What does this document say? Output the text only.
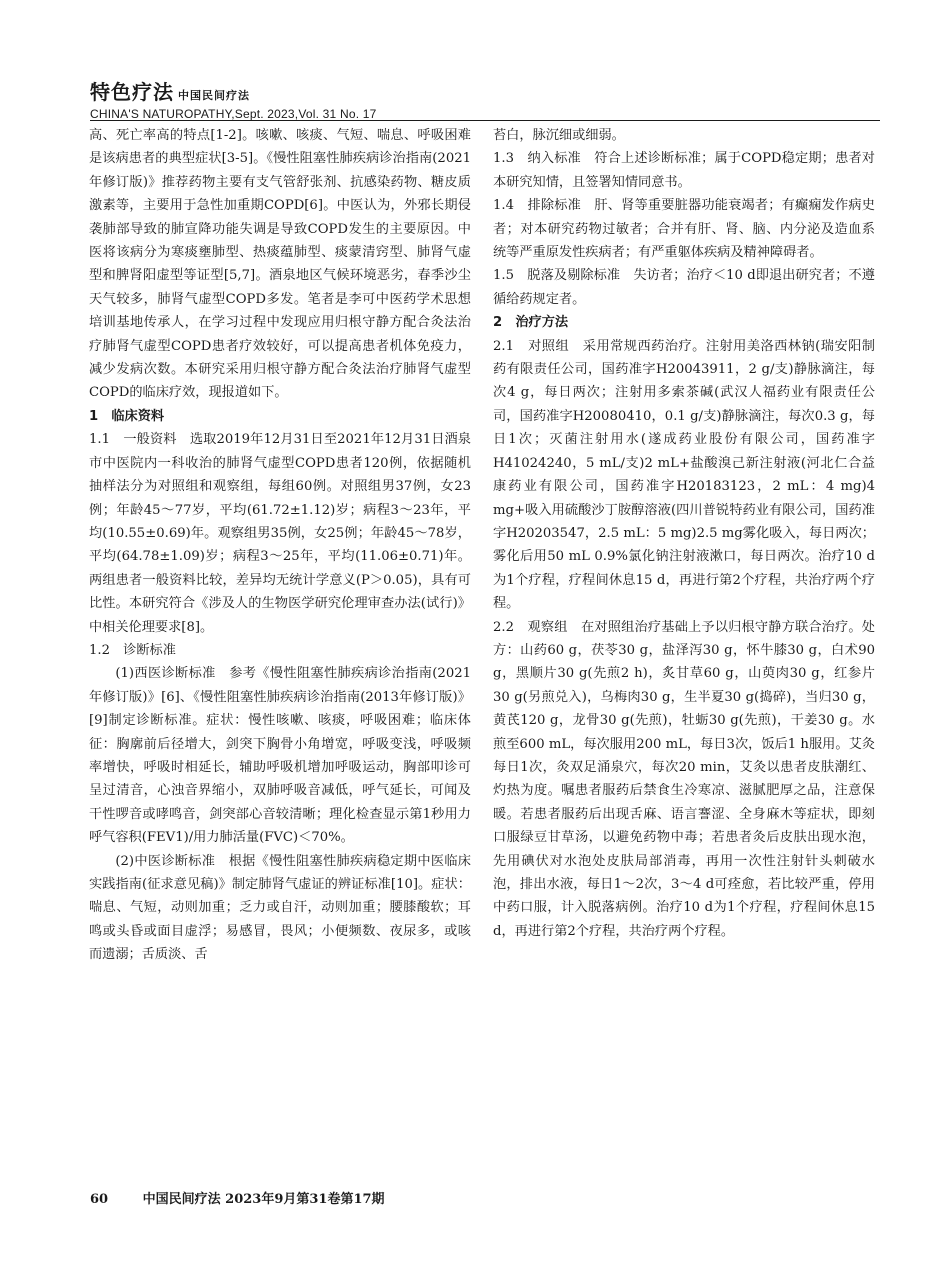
特色疗法 中国民间疗法
CHINA'S NATUROPATHY,Sept. 2023,Vol. 31 No. 17

高、死亡率高的特点[1-2]。咳嗽、咳痰、气短、喘息、呼吸困难是该病患者的典型症状[3-5]。《慢性阻塞性肺疾病诊治指南(2021年修订版)》推荐药物主要有支气管舒张剂、抗感染药物、糖皮质激素等，主要用于急性加重期COPD[6]。中医认为，外邪长期侵袭肺部导致的肺宣降功能失调是导致COPD发生的主要原因。中医将该病分为寒痰壅肺型、热痰蕴肺型、痰蒙清窍型、肺肾气虚型和脾肾阳虚型等证型[5,7]。酒泉地区气候环境恶劣，春季沙尘天气较多，肺肾气虚型COPD多发。笔者是李可中医药学术思想培训基地传承人，在学习过程中发现应用归根守静方配合灸法治疗肺肾气虚型COPD患者疗效较好，可以提高患者机体免疫力，减少发病次数。本研究采用归根守静方配合灸法治疗肺肾气虚型COPD的临床疗效，现报道如下。

1　临床资料

1.1　一般资料　选取2019年12月31日至2021年12月31日酒泉市中医院内一科收治的肺肾气虚型COPD患者120例，依据随机抽样法分为对照组和观察组，每组60例。对照组男37例，女23例；年龄45～77岁，平均(61.72±1.12)岁；病程3～23年，平均(10.55±0.69)年。观察组男35例，女25例；年龄45～78岁，平均(64.78±1.09)岁；病程3～25年，平均(11.06±0.71)年。两组患者一般资料比较，差异均无统计学意义(P＞0.05)，具有可比性。本研究符合《涉及人的生物医学研究伦理审查办法(试行)》中相关伦理要求[8]。

1.2　诊断标准

(1)西医诊断标准　参考《慢性阻塞性肺疾病诊治指南(2021年修订版)》[6]、《慢性阻塞性肺疾病诊治指南(2013年修订版)》[9]制定诊断标准。症状：慢性咳嗽、咳痰，呼吸困难；临床体征：胸廓前后径增大，剑突下胸骨小角增宽，呼吸变浅，呼吸频率增快，呼吸时相延长，辅助呼吸机增加呼吸运动，胸部叩诊可呈过清音，心浊音界缩小，双肺呼吸音减低，呼气延长，可闻及干性啰音或哮鸣音，剑突部心音较清晰；理化检查显示第1秒用力呼气容积(FEV1)/用力肺活量(FVC)＜70%。

(2)中医诊断标准　根据《慢性阻塞性肺疾病稳定期中医临床实践指南(征求意见稿)》制定肺肾气虚证的辨证标准[10]。症状：喘息、气短，动则加重；乏力或自汗，动则加重；腰膝酸软；耳鸣或头昏或面目虚浮；易感冒，畏风；小便频数、夜尿多，或咳而遗溺；舌质淡、舌

苔白，脉沉细或细弱。

1.3　纳入标准　符合上述诊断标准；属于COPD稳定期；患者对本研究知情，且签署知情同意书。

1.4　排除标准　肝、肾等重要脏器功能衰竭者；有癫痫发作病史者；对本研究药物过敏者；合并有肝、肾、脑、内分泌及造血系统等严重原发性疾病者；有严重躯体疾病及精神障碍者。

1.5　脱落及剔除标准　失访者；治疗＜10 d即退出研究者；不遵循给药规定者。

2　治疗方法

2.1　对照组　采用常规西药治疗。注射用美洛西林钠(瑞安阳制药有限责任公司，国药准字H20043911，2 g/支)静脉滴注，每次4 g，每日两次；注射用多索茶碱(武汉人福药业有限责任公司，国药准字H20080410，0.1 g/支)静脉滴注，每次0.3 g，每日1次；灭菌注射用水(遂成药业股份有限公司，国药准字H41024240，5 mL/支)2 mL+盐酸溴己新注射液(河北仁合益康药业有限公司，国药准字H20183123，2 mL：4 mg)4 mg+吸入用硫酸沙丁胺醇溶液(四川普锐特药业有限公司，国药准字H20203547，2.5 mL：5 mg)2.5 mg雾化吸入，每日两次；雾化后用50 mL 0.9%氯化钠注射液漱口，每日两次。治疗10 d为1个疗程，疗程间休息15 d，再进行第2个疗程，共治疗两个疗程。

2.2　观察组　在对照组治疗基础上予以归根守静方联合治疗。处方：山药60 g，茯苓30 g，盐泽泻30 g，怀牛膝30 g，白术90 g，黑顺片30 g(先煎2 h)，炙甘草60 g，山萸肉30 g，红参片30 g(另煎兑入)，乌梅肉30 g，生半夏30 g(捣碎)，当归30 g，黄芪120 g，龙骨30 g(先煎)，牡蛎30 g(先煎)，干姜30 g。水煎至600 mL，每次服用200 mL，每日3次，饭后1 h服用。艾灸每日1次，灸双足涌泉穴，每次20 min，艾灸以患者皮肤潮红、灼热为度。嘱患者服药后禁食生冷寒凉、滋腻肥厚之品，注意保暖。若患者服药后出现舌麻、语言謇涩、全身麻木等症状，即刻口服绿豆甘草汤，以避免药物中毒；若患者灸后皮肤出现水泡，先用碘伏对水泡处皮肤局部消毒，再用一次性注射针头刺破水泡，排出水液，每日1～2次，3～4 d可痊愈，若比较严重，停用中药口服，计入脱落病例。治疗10 d为1个疗程，疗程间休息15 d，再进行第2个疗程，共治疗两个疗程。

60	中国民间疗法 2023年9月第31卷第17期
